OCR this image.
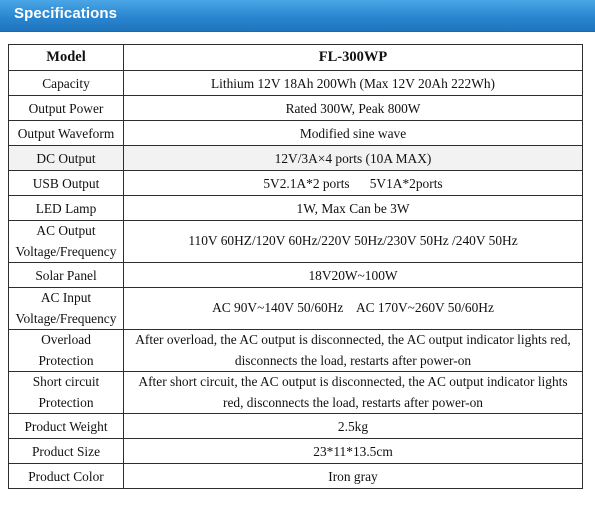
Specifications
Model	FL-300WP
Capacity	Lithium 12V 18Ah 200Wh (Max 12V 20Ah 222Wh)
Output Power	Rated 300W, Peak 800W
Output Waveform	Modified sine wave
DC Output	12V/3A×4 ports (10A MAX)
USB Output	5V2.1A*2 ports      5V1A*2ports
LED Lamp	1W, Max Can be 3W
AC Output Voltage/Frequency	110V 60HZ/120V 60Hz/220V 50Hz/230V 50Hz /240V 50Hz
Solar Panel	18V20W~100W
AC Input Voltage/Frequency	AC 90V~140V 50/60Hz    AC 170V~260V 50/60Hz
Overload Protection	After overload, the AC output is disconnected, the AC output indicator lights red, disconnects the load, restarts after power-on
Short circuit Protection	After short circuit, the AC output is disconnected, the AC output indicator lights red, disconnects the load, restarts after power-on
Product Weight	2.5kg
Product Size	23*11*13.5cm
Product Color	Iron gray
